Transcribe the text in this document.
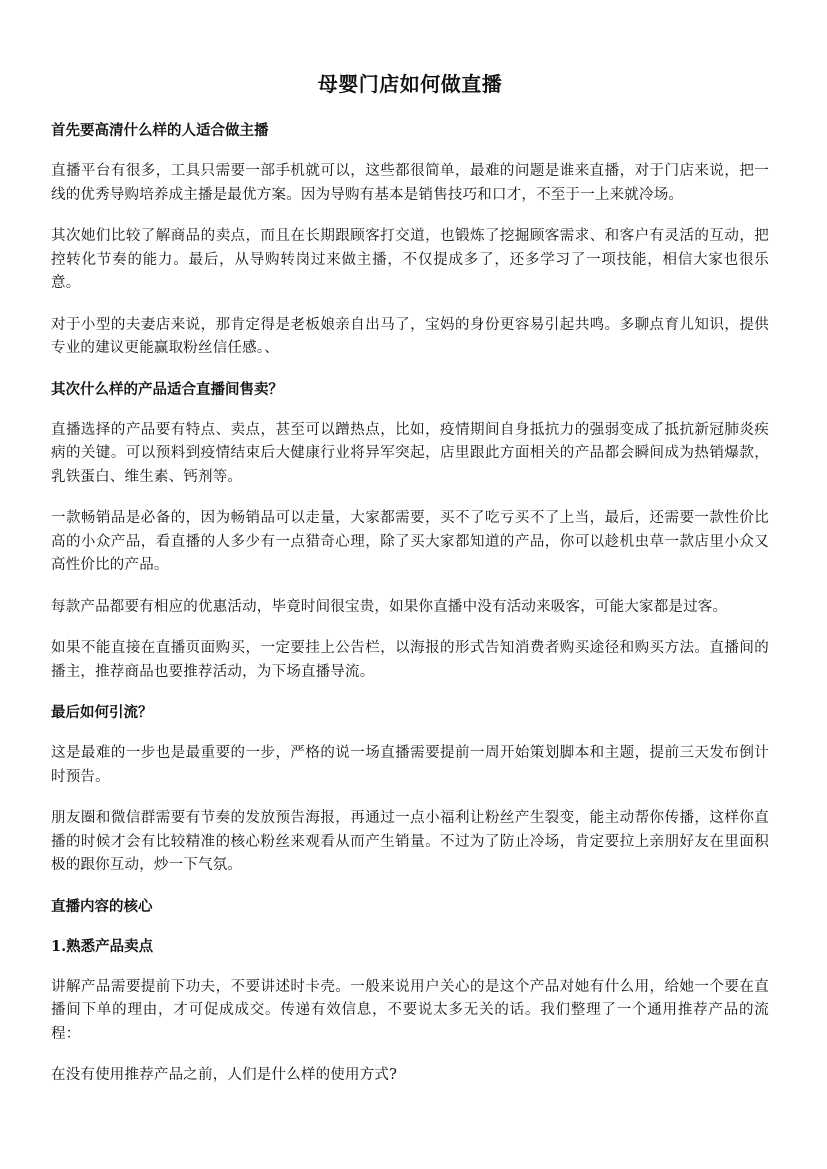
母婴门店如何做直播
首先要高清什么样的人适合做主播

直播平台有很多，工具只需要一部手机就可以，这些都很简单，最难的问题是谁来直播，对于门店来说，把一线的优秀导购培养成主播是最优方案。因为导购有基本是销售技巧和口才，不至于一上来就冷场。

其次她们比较了解商品的卖点，而且在长期跟顾客打交道，也锻炼了挖掘顾客需求、和客户有灵活的互动，把控转化节奏的能力。最后，从导购转岗过来做主播，不仅提成多了，还多学习了一项技能，相信大家也很乐意。

对于小型的夫妻店来说，那肯定得是老板娘亲自出马了，宝妈的身份更容易引起共鸣。多聊点育儿知识，提供专业的建议更能赢取粉丝信任感。、

其次什么样的产品适合直播间售卖？

直播选择的产品要有特点、卖点，甚至可以蹭热点，比如，疫情期间自身抵抗力的强弱变成了抵抗新冠肺炎疾病的关键。可以预料到疫情结束后大健康行业将异军突起，店里跟此方面相关的产品都会瞬间成为热销爆款，乳铁蛋白、维生素、钙剂等。

一款畅销品是必备的，因为畅销品可以走量，大家都需要，买不了吃亏买不了上当，最后，还需要一款性价比高的小众产品，看直播的人多少有一点猎奇心理，除了买大家都知道的产品，你可以趁机虫草一款店里小众又高性价比的产品。

每款产品都要有相应的优惠活动，毕竟时间很宝贵，如果你直播中没有活动来吸客，可能大家都是过客。

如果不能直接在直播页面购买，一定要挂上公告栏，以海报的形式告知消费者购买途径和购买方法。直播间的播主，推荐商品也要推荐活动，为下场直播导流。

最后如何引流？

这是最难的一步也是最重要的一步，严格的说一场直播需要提前一周开始策划脚本和主题，提前三天发布倒计时预告。

朋友圈和微信群需要有节奏的发放预告海报，再通过一点小福利让粉丝产生裂变，能主动帮你传播，这样你直播的时候才会有比较精准的核心粉丝来观看从而产生销量。不过为了防止冷场，肯定要拉上亲朋好友在里面积极的跟你互动，炒一下气氛。

直播内容的核心
1.熟悉产品卖点

讲解产品需要提前下功夫，不要讲述时卡壳。一般来说用户关心的是这个产品对她有什么用，给她一个要在直播间下单的理由，才可促成成交。传递有效信息，不要说太多无关的话。我们整理了一个通用推荐产品的流程：

在没有使用推荐产品之前，人们是什么样的使用方式?
